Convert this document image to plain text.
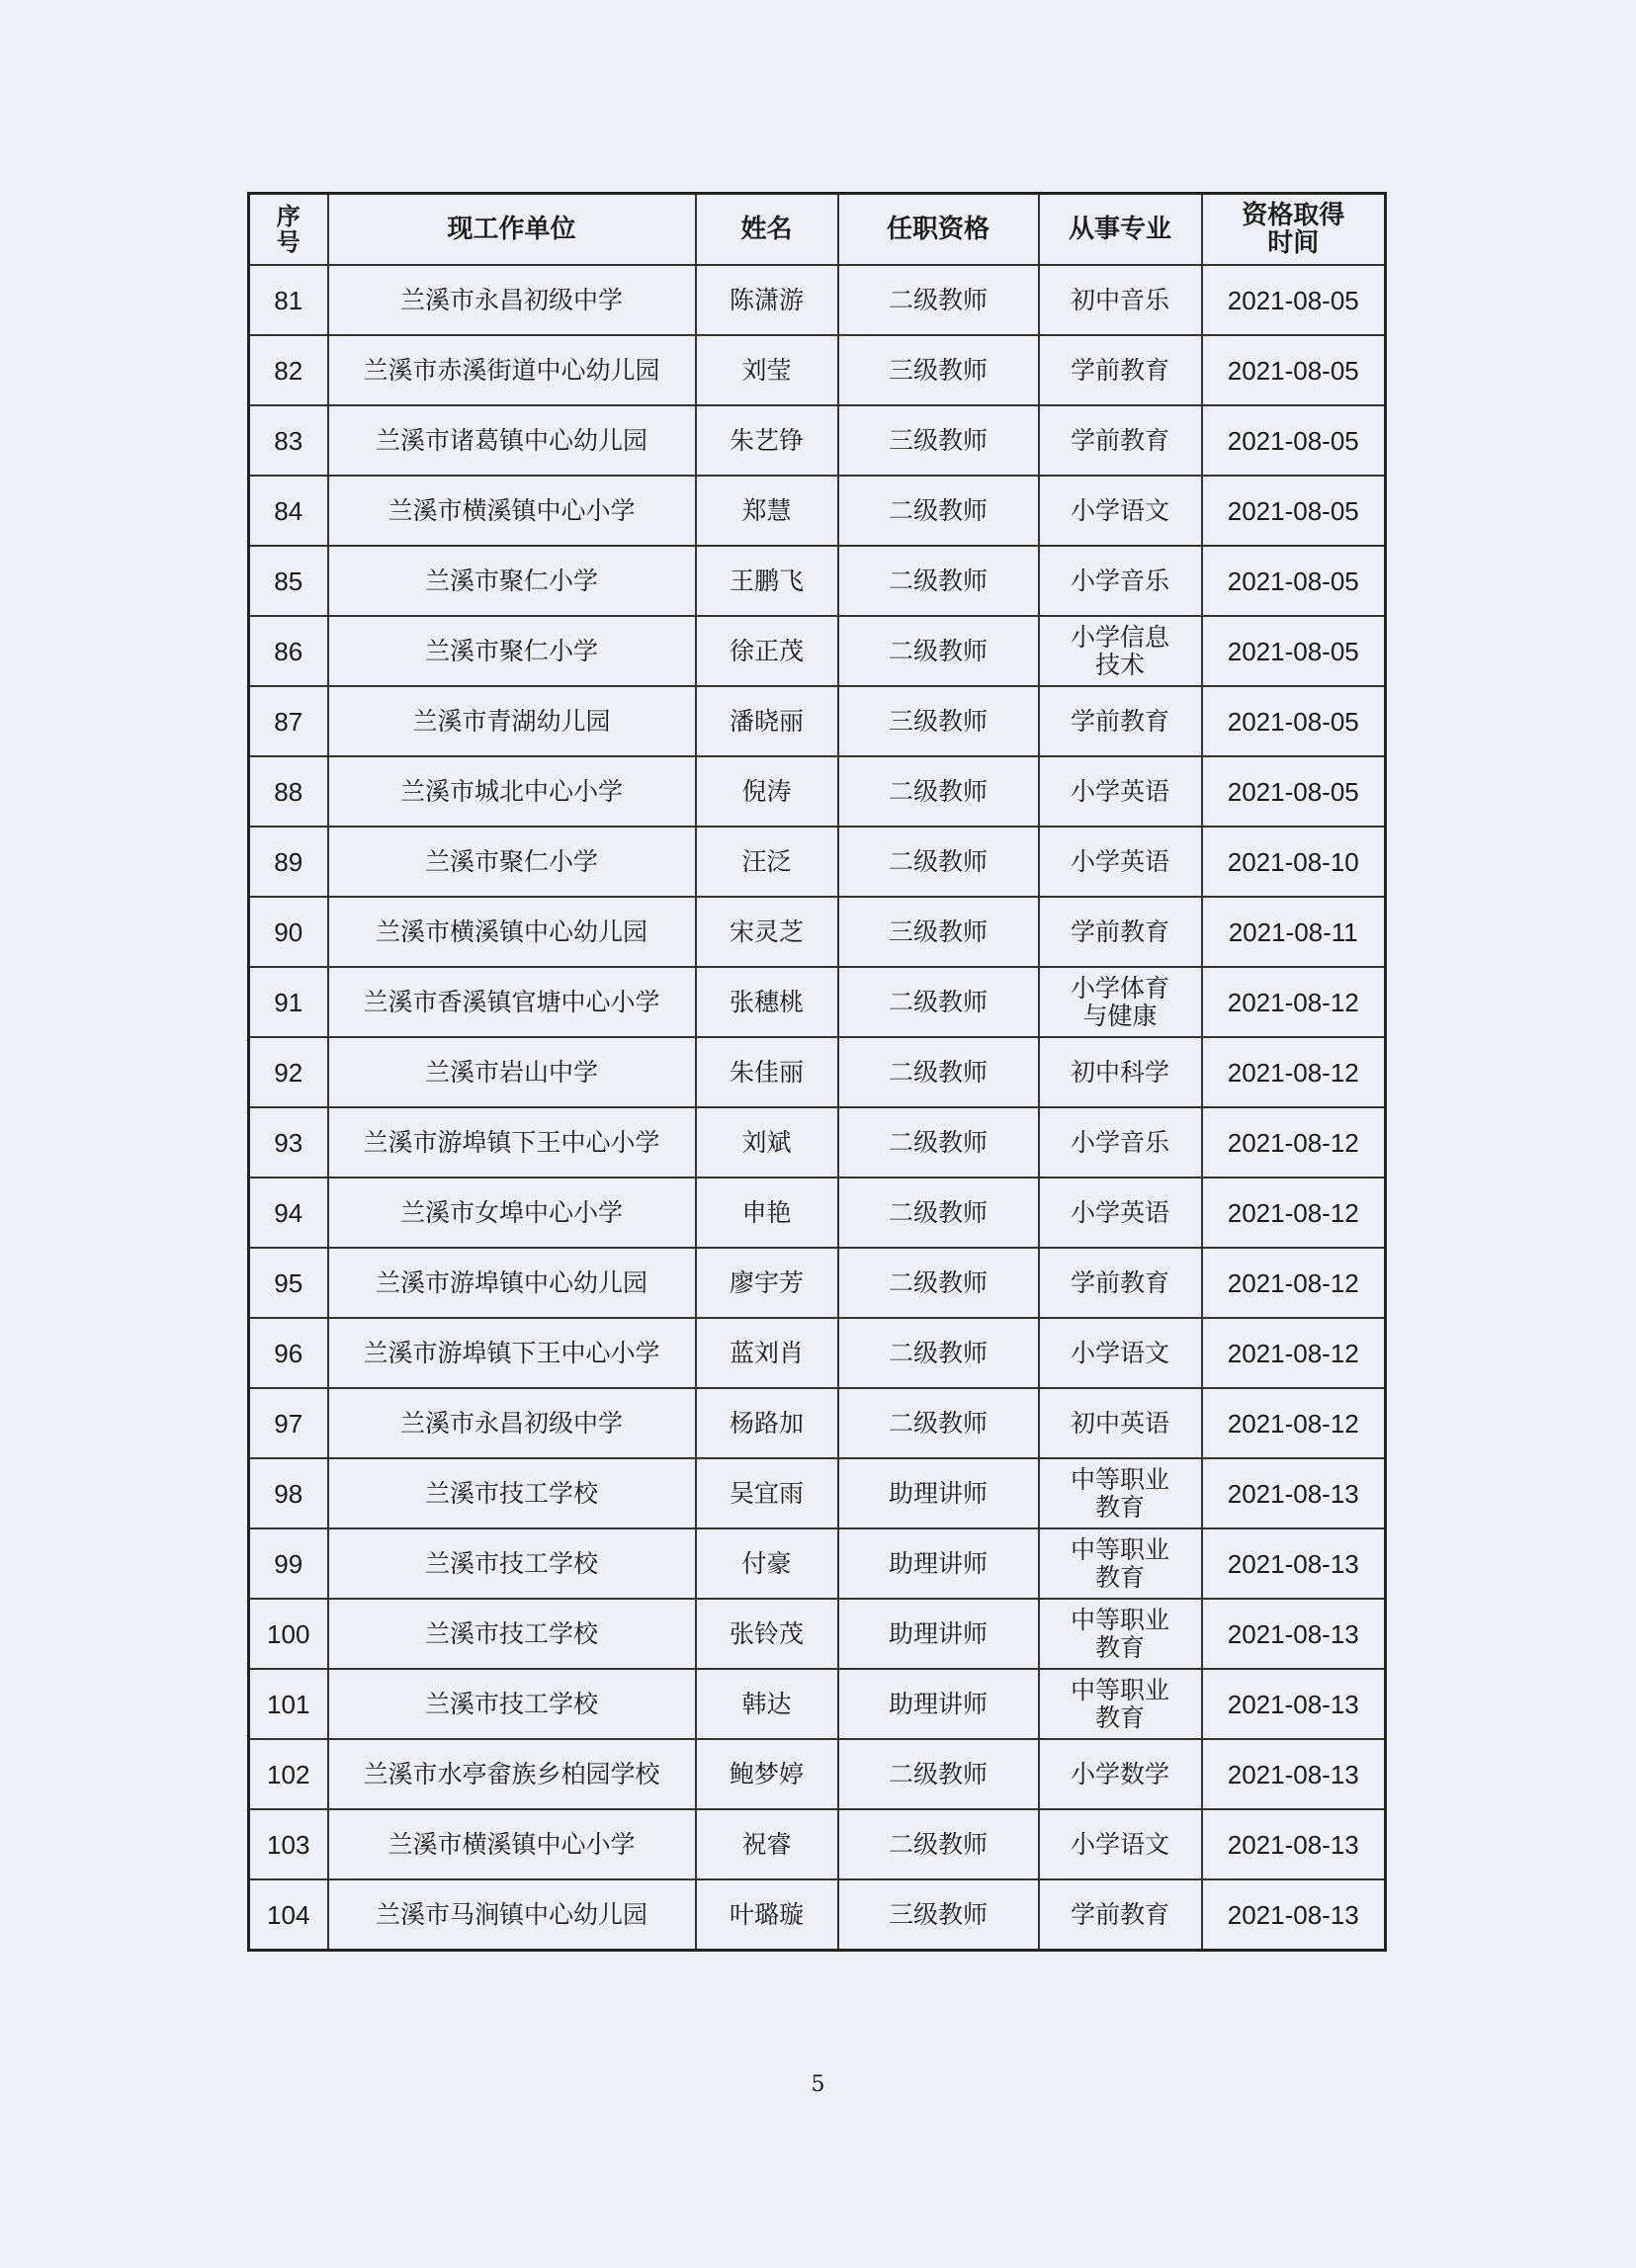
序号	现工作单位	姓名	任职资格	从事专业	资格取得时间
81	兰溪市永昌初级中学	陈潇游	二级教师	初中音乐	2021-08-05
82	兰溪市赤溪街道中心幼儿园	刘莹	三级教师	学前教育	2021-08-05
83	兰溪市诸葛镇中心幼儿园	朱艺铮	三级教师	学前教育	2021-08-05
84	兰溪市横溪镇中心小学	郑慧	二级教师	小学语文	2021-08-05
85	兰溪市聚仁小学	王鹏飞	二级教师	小学音乐	2021-08-05
86	兰溪市聚仁小学	徐正茂	二级教师	小学信息技术	2021-08-05
87	兰溪市青湖幼儿园	潘晓丽	三级教师	学前教育	2021-08-05
88	兰溪市城北中心小学	倪涛	二级教师	小学英语	2021-08-05
89	兰溪市聚仁小学	汪泛	二级教师	小学英语	2021-08-10
90	兰溪市横溪镇中心幼儿园	宋灵芝	三级教师	学前教育	2021-08-11
91	兰溪市香溪镇官塘中心小学	张穗桃	二级教师	小学体育与健康	2021-08-12
92	兰溪市岩山中学	朱佳丽	二级教师	初中科学	2021-08-12
93	兰溪市游埠镇下王中心小学	刘斌	二级教师	小学音乐	2021-08-12
94	兰溪市女埠中心小学	申艳	二级教师	小学英语	2021-08-12
95	兰溪市游埠镇中心幼儿园	廖宇芳	二级教师	学前教育	2021-08-12
96	兰溪市游埠镇下王中心小学	蓝刘肖	二级教师	小学语文	2021-08-12
97	兰溪市永昌初级中学	杨路加	二级教师	初中英语	2021-08-12
98	兰溪市技工学校	吴宜雨	助理讲师	中等职业教育	2021-08-13
99	兰溪市技工学校	付豪	助理讲师	中等职业教育	2021-08-13
100	兰溪市技工学校	张铃茂	助理讲师	中等职业教育	2021-08-13
101	兰溪市技工学校	韩达	助理讲师	中等职业教育	2021-08-13
102	兰溪市水亭畲族乡柏园学校	鲍梦婷	二级教师	小学数学	2021-08-13
103	兰溪市横溪镇中心小学	祝睿	二级教师	小学语文	2021-08-13
104	兰溪市马涧镇中心幼儿园	叶璐璇	三级教师	学前教育	2021-08-13
5
